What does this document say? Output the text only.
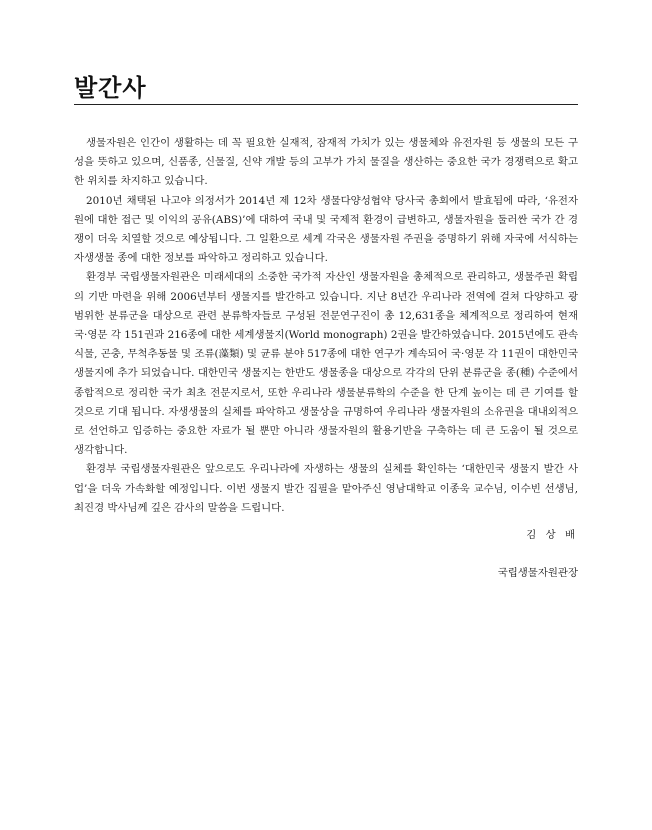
발간사

생물자원은 인간이 생활하는 데 꼭 필요한 실재적, 잠재적 가치가 있는 생물체와 유전자원 등 생물의 모든 구성을 뜻하고 있으며, 신품종, 신물질, 신약 개발 등의 고부가 가치 물질을 생산하는 중요한 국가 경쟁력으로 확고한 위치를 차지하고 있습니다.

2010년 채택된 나고야 의정서가 2014년 제 12차 생물다양성협약 당사국 총회에서 발효됨에 따라, ‘유전자원에 대한 접근 및 이익의 공유(ABS)’에 대하여 국내 및 국제적 환경이 급변하고, 생물자원을 둘러싼 국가 간 경쟁이 더욱 치열할 것으로 예상됩니다. 그 일환으로 세계 각국은 생물자원 주권을 증명하기 위해 자국에 서식하는 자생생물 종에 대한 정보를 파악하고 정리하고 있습니다.

환경부 국립생물자원관은 미래세대의 소중한 국가적 자산인 생물자원을 총체적으로 관리하고, 생물주권 확립의 기반 마련을 위해 2006년부터 생물지를 발간하고 있습니다. 지난 8년간 우리나라 전역에 걸쳐 다양하고 광범위한 분류군을 대상으로 관련 분류학자들로 구성된 전문연구진이 총 12,631종을 체계적으로 정리하여 현재 국·영문 각 151권과 216종에 대한 세계생물지(World monograph) 2권을 발간하였습니다. 2015년에도 관속식물, 곤충, 무척추동물 및 조류(藻類) 및 균류 분야 517종에 대한 연구가 계속되어 국·영문 각 11권이 대한민국 생물지에 추가 되었습니다. 대한민국 생물지는 한반도 생물종을 대상으로 각각의 단위 분류군을 종(種) 수준에서 종합적으로 정리한 국가 최초 전문지로서, 또한 우리나라 생물분류학의 수준을 한 단계 높이는 데 큰 기여를 할 것으로 기대 됩니다. 자생생물의 실체를 파악하고 생물상을 규명하여 우리나라 생물자원의 소유권을 대내외적으로 선언하고 입증하는 중요한 자료가 될 뿐만 아니라 생물자원의 활용기반을 구축하는 데 큰 도움이 될 것으로 생각합니다.

환경부 국립생물자원관은 앞으로도 우리나라에 자생하는 생물의 실체를 확인하는 ‘대한민국 생물지 발간 사업’을 더욱 가속화할 예정입니다. 이번 생물지 발간 집필을 맡아주신 영남대학교 이종욱 교수님, 이수빈 선생님, 최진경 박사님께 깊은 감사의 말씀을 드립니다.

김 상 배
국립생물자원관장
